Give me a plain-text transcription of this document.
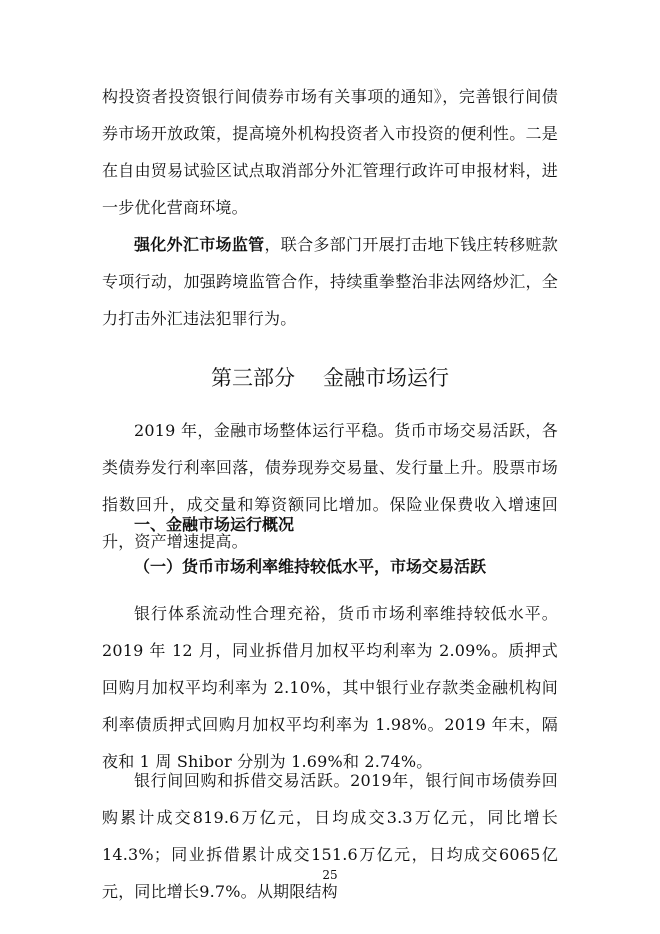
构投资者投资银行间债券市场有关事项的通知》，完善银行间债券市场开放政策，提高境外机构投资者入市投资的便利性。二是在自由贸易试验区试点取消部分外汇管理行政许可申报材料，进一步优化营商环境。

强化外汇市场监管，联合多部门开展打击地下钱庄转移赃款专项行动，加强跨境监管合作，持续重拳整治非法网络炒汇，全力打击外汇违法犯罪行为。

第三部分 金融市场运行

2019 年，金融市场整体运行平稳。货币市场交易活跃，各类债券发行利率回落，债券现券交易量、发行量上升。股票市场指数回升，成交量和筹资额同比增加。保险业保费收入增速回升，资产增速提高。

一、金融市场运行概况
（一）货币市场利率维持较低水平，市场交易活跃

银行体系流动性合理充裕，货币市场利率维持较低水平。2019 年 12 月，同业拆借月加权平均利率为 2.09%。质押式回购月加权平均利率为 2.10%，其中银行业存款类金融机构间利率债质押式回购月加权平均利率为 1.98%。2019 年末，隔夜和 1 周 Shibor 分别为 1.69%和 2.74%。

银行间回购和拆借交易活跃。2019年，银行间市场债券回购累计成交819.6万亿元，日均成交3.3万亿元，同比增长14.3%；同业拆借累计成交151.6万亿元，日均成交6065亿元，同比增长9.7%。从期限结构

25
